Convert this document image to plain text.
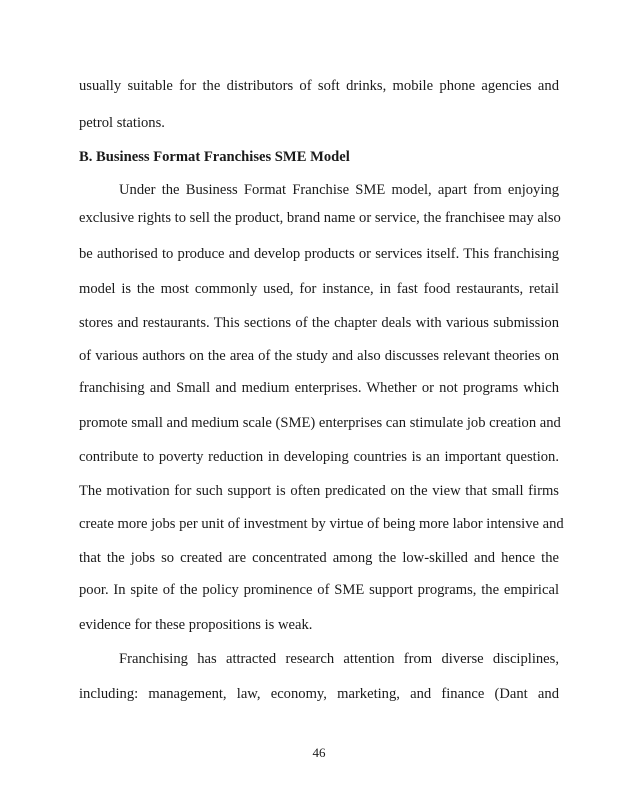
usually suitable for the distributors of soft drinks, mobile phone agencies and
petrol stations.
B. Business Format Franchises SME Model
Under the Business Format Franchise SME model, apart from enjoying
exclusive rights to sell the product, brand name or service, the franchisee may also
be authorised to produce and develop products or services itself. This franchising
model is the most commonly used, for instance, in fast food restaurants, retail
stores and restaurants. This sections of the chapter deals with various submission
of various authors on the area of the study and also discusses relevant theories on
franchising and Small and medium enterprises. Whether or not programs which
promote small and medium scale (SME) enterprises can stimulate job creation and
contribute to poverty reduction in developing countries is an important question.
The motivation for such support is often predicated on the view that small firms
create more jobs per unit of investment by virtue of being more labor intensive and
that the jobs so created are concentrated among the low-skilled and hence the
poor. In spite of the policy prominence of SME support programs, the empirical
evidence for these propositions is weak.
Franchising has attracted research attention from diverse disciplines,
including: management, law, economy, marketing, and finance (Dant and
46
